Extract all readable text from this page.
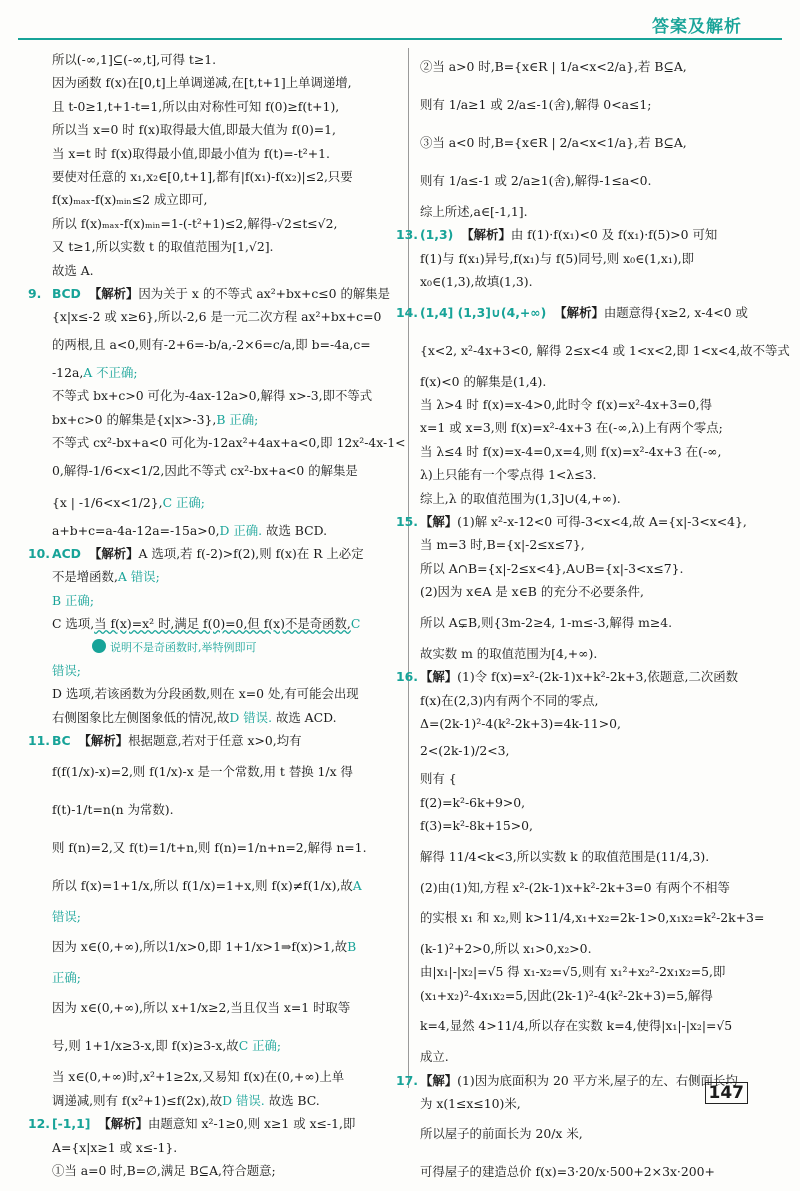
答案及解析
所以(-∞,1]⊆(-∞,t],可得 t≥1.
因为函数 f(x)在[0,t]上单调递减,在[t,t+1]上单调递增,
且 t-0≥1,t+1-t=1,所以由对称性可知 f(0)≥f(t+1),
所以当 x=0 时 f(x)取得最大值,即最大值为 f(0)=1,
当 x=t 时 f(x)取得最小值,即最小值为 f(t)=-t²+1.
要使对任意的 x₁,x₂∈[0,t+1],都有|f(x₁)-f(x₂)|≤2,只要
f(x)ₘₐₓ-f(x)ₘᵢₙ≤2 成立即可,
所以 f(x)ₘₐₓ-f(x)ₘᵢₙ=1-(-t²+1)≤2,解得-√2≤t≤√2,
又 t≥1,所以实数 t 的取值范围为[1,√2].
故选 A.
9. BCD 【解析】因为关于 x 的不等式 ax²+bx+c≤0 的解集是
{x|x≤-2 或 x≥6},所以-2,6 是一元二次方程 ax²+bx+c=0
的两根,且 a<0,则有-2+6=-b/a,-2×6=c/a,即 b=-4a,c=
-12a,A 不正确;
不等式 bx+c>0 可化为-4ax-12a>0,解得 x>-3,即不等式
bx+c>0 的解集是{x|x>-3},B 正确;
不等式 cx²-bx+a<0 可化为-12ax²+4ax+a<0,即 12x²-4x-1<
0,解得-1/6<x<1/2,因此不等式 cx²-bx+a<0 的解集是
{x | -1/6<x<1/2},C 正确;
a+b+c=a-4a-12a=-15a>0,D 正确. 故选 BCD.
10. ACD 【解析】A 选项,若 f(-2)>f(2),则 f(x)在 R 上必定
不是增函数,A 错误;
B 正确;
C 选项,当 f(x)=x² 时,满足 f(0)=0,但 f(x)不是奇函数,C
说明不是奇函数时,举特例即可
错误;
D 选项,若该函数为分段函数,则在 x=0 处,有可能会出现
右侧图象比左侧图象低的情况,故D 错误. 故选 ACD.
11. BC 【解析】根据题意,若对于任意 x>0,均有
f(f(1/x)-x)=2,则 f(1/x)-x 是一个常数,用 t 替换 1/x 得
f(t)-1/t=n(n 为常数).
则 f(n)=2,又 f(t)=1/t+n,则 f(n)=1/n+n=2,解得 n=1.
所以 f(x)=1+1/x,所以 f(1/x)=1+x,则 f(x)≠f(1/x),故A
错误;
因为 x∈(0,+∞),所以1/x>0,即 1+1/x>1⇒f(x)>1,故B
正确;
因为 x∈(0,+∞),所以 x+1/x≥2,当且仅当 x=1 时取等
号,则 1+1/x≥3-x,即 f(x)≥3-x,故C 正确;
当 x∈(0,+∞)时,x²+1≥2x,又易知 f(x)在(0,+∞)上单
调递减,则有 f(x²+1)≤f(2x),故D 错误. 故选 BC.
12. [-1,1] 【解析】由题意知 x²-1≥0,则 x≥1 或 x≤-1,即
A={x|x≥1 或 x≤-1}.
①当 a=0 时,B=∅,满足 B⊆A,符合题意;
②当 a>0 时,B={x∈R | 1/a<x<2/a},若 B⊆A,
则有 1/a≥1 或 2/a≤-1(舍),解得 0<a≤1;
③当 a<0 时,B={x∈R | 2/a<x<1/a},若 B⊆A,
则有 1/a≤-1 或 2/a≥1(舍),解得-1≤a<0.
综上所述,a∈[-1,1].
13. (1,3) 【解析】由 f(1)·f(x₁)<0 及 f(x₁)·f(5)>0 可知
f(1)与 f(x₁)异号,f(x₁)与 f(5)同号,则 x₀∈(1,x₁),即
x₀∈(1,3),故填(1,3).
14. (1,4] (1,3]∪(4,+∞) 【解析】由题意得{x≥2, x-4<0 或
{x<2, x²-4x+3<0, 解得 2≤x<4 或 1<x<2,即 1<x<4,故不等式
f(x)<0 的解集是(1,4).
当 λ>4 时 f(x)=x-4>0,此时令 f(x)=x²-4x+3=0,得
x=1 或 x=3,则 f(x)=x²-4x+3 在(-∞,λ)上有两个零点;
当 λ≤4 时 f(x)=x-4=0,x=4,则 f(x)=x²-4x+3 在(-∞,
λ)上只能有一个零点得 1<λ≤3.
综上,λ 的取值范围为(1,3]∪(4,+∞).
15. 【解】(1)解 x²-x-12<0 可得-3<x<4,故 A={x|-3<x<4},
当 m=3 时,B={x|-2≤x≤7},
所以 A∩B={x|-2≤x<4},A∪B={x|-3<x≤7}.
(2)因为 x∈A 是 x∈B 的充分不必要条件,
所以 A⊊B,则{3m-2≥4, 1-m≤-3,解得 m≥4.
故实数 m 的取值范围为[4,+∞).
16. 【解】(1)令 f(x)=x²-(2k-1)x+k²-2k+3,依题意,二次函数
f(x)在(2,3)内有两个不同的零点,
Δ=(2k-1)²-4(k²-2k+3)=4k-11>0,
2<(2k-1)/2<3,
则有 {
f(2)=k²-6k+9>0,
f(3)=k²-8k+15>0,
解得 11/4<k<3,所以实数 k 的取值范围是(11/4,3).
(2)由(1)知,方程 x²-(2k-1)x+k²-2k+3=0 有两个不相等
的实根 x₁ 和 x₂,则 k>11/4,x₁+x₂=2k-1>0,x₁x₂=k²-2k+3=
(k-1)²+2>0,所以 x₁>0,x₂>0.
由|x₁|-|x₂|=√5 得 x₁-x₂=√5,则有 x₁²+x₂²-2x₁x₂=5,即
(x₁+x₂)²-4x₁x₂=5,因此(2k-1)²-4(k²-2k+3)=5,解得
k=4,显然 4>11/4,所以存在实数 k=4,使得|x₁|-|x₂|=√5
成立.
17. 【解】(1)因为底面积为 20 平方米,屋子的左、右侧面长均
为 x(1≤x≤10)米,
所以屋子的前面长为 20/x 米,
可得屋子的建造总价 f(x)=3·20/x·500+2×3x·200+
147
